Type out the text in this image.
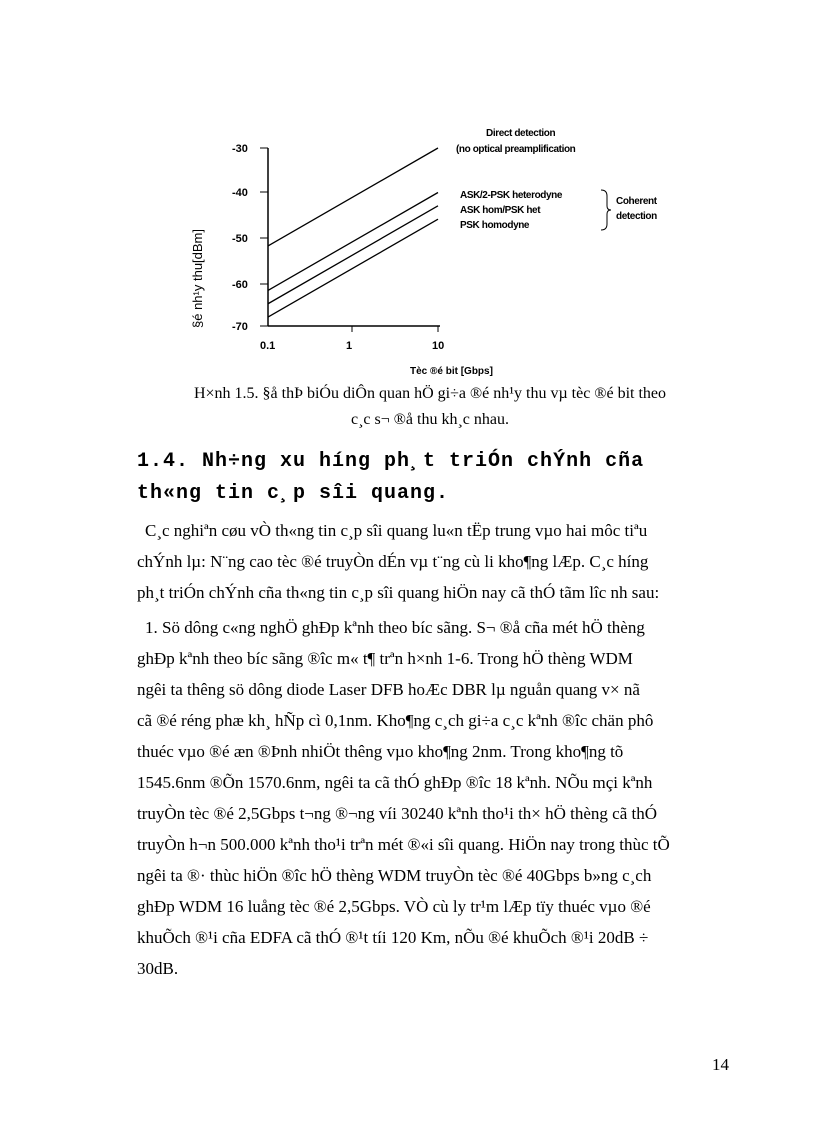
-30
-40
-50
-60
-70
0.1	1	10
§é nh¹y thu[dBm]
Tèc ®é bit [Gbps]
Direct detection
(no optical preamplification
ASK/2-PSK heterodyne
ASK hom/PSK het
PSK homodyne
Coherent
detection
H×nh 1.5. §å thÞ biÓu diÔn quan hÖ gi÷a ®é nh¹y thu vµ tèc ®é bit theo
c¸c s¬ ®å thu kh¸c nhau.
1.4. Nh÷ng xu híng ph¸t triÓn chÝnh cña
th«ng tin c¸p sîi quang.

C¸c nghiªn cøu vÒ th«ng tin c¸p sîi quang lu«n tËp trung vµo hai môc tiªu

chÝnh lµ: N¨ng cao tèc ®é truyÒn dÉn vµ t¨ng cù li kho¶ng lÆp. C¸c híng

ph¸t triÓn chÝnh cña th«ng tin c¸p sîi quang hiÖn nay cã thÓ tãm lîc nh sau:

1. Sö dông c«ng nghÖ ghÐp kªnh theo bíc sãng. S¬ ®å cña mét hÖ thèng

ghÐp kªnh theo bíc sãng ®îc m« t¶ trªn h×nh 1-6. Trong hÖ thèng WDM

ngêi ta thêng sö dông diode Laser DFB hoÆc DBR lµ nguån quang v× nã

cã ®é réng phæ kh¸ hÑp cì 0,1nm. Kho¶ng c¸ch gi÷a c¸c kªnh ®îc chän phô

thuéc vµo ®é æn ®Þnh nhiÖt thêng vµo kho¶ng 2nm. Trong kho¶ng tõ

1545.6nm ®Õn 1570.6nm, ngêi ta cã thÓ ghÐp ®îc 18 kªnh. NÕu mçi kªnh

truyÒn tèc ®é 2,5Gbps t¬ng ®¬ng víi 30240 kªnh tho¹i th× hÖ thèng cã thÓ

truyÒn h¬n 500.000 kªnh tho¹i trªn mét ®«i sîi quang. HiÖn nay trong thùc tÕ

ngêi ta ®· thùc hiÖn ®îc hÖ thèng WDM truyÒn tèc ®é 40Gbps b»ng c¸ch

ghÐp WDM 16 luång tèc ®é 2,5Gbps. VÒ cù ly tr¹m lÆp tïy thuéc vµo ®é

khuÕch ®¹i cña EDFA cã thÓ ®¹t tíi 120 Km, nÕu ®é khuÕch ®¹i 20dB ÷

30dB.

14
